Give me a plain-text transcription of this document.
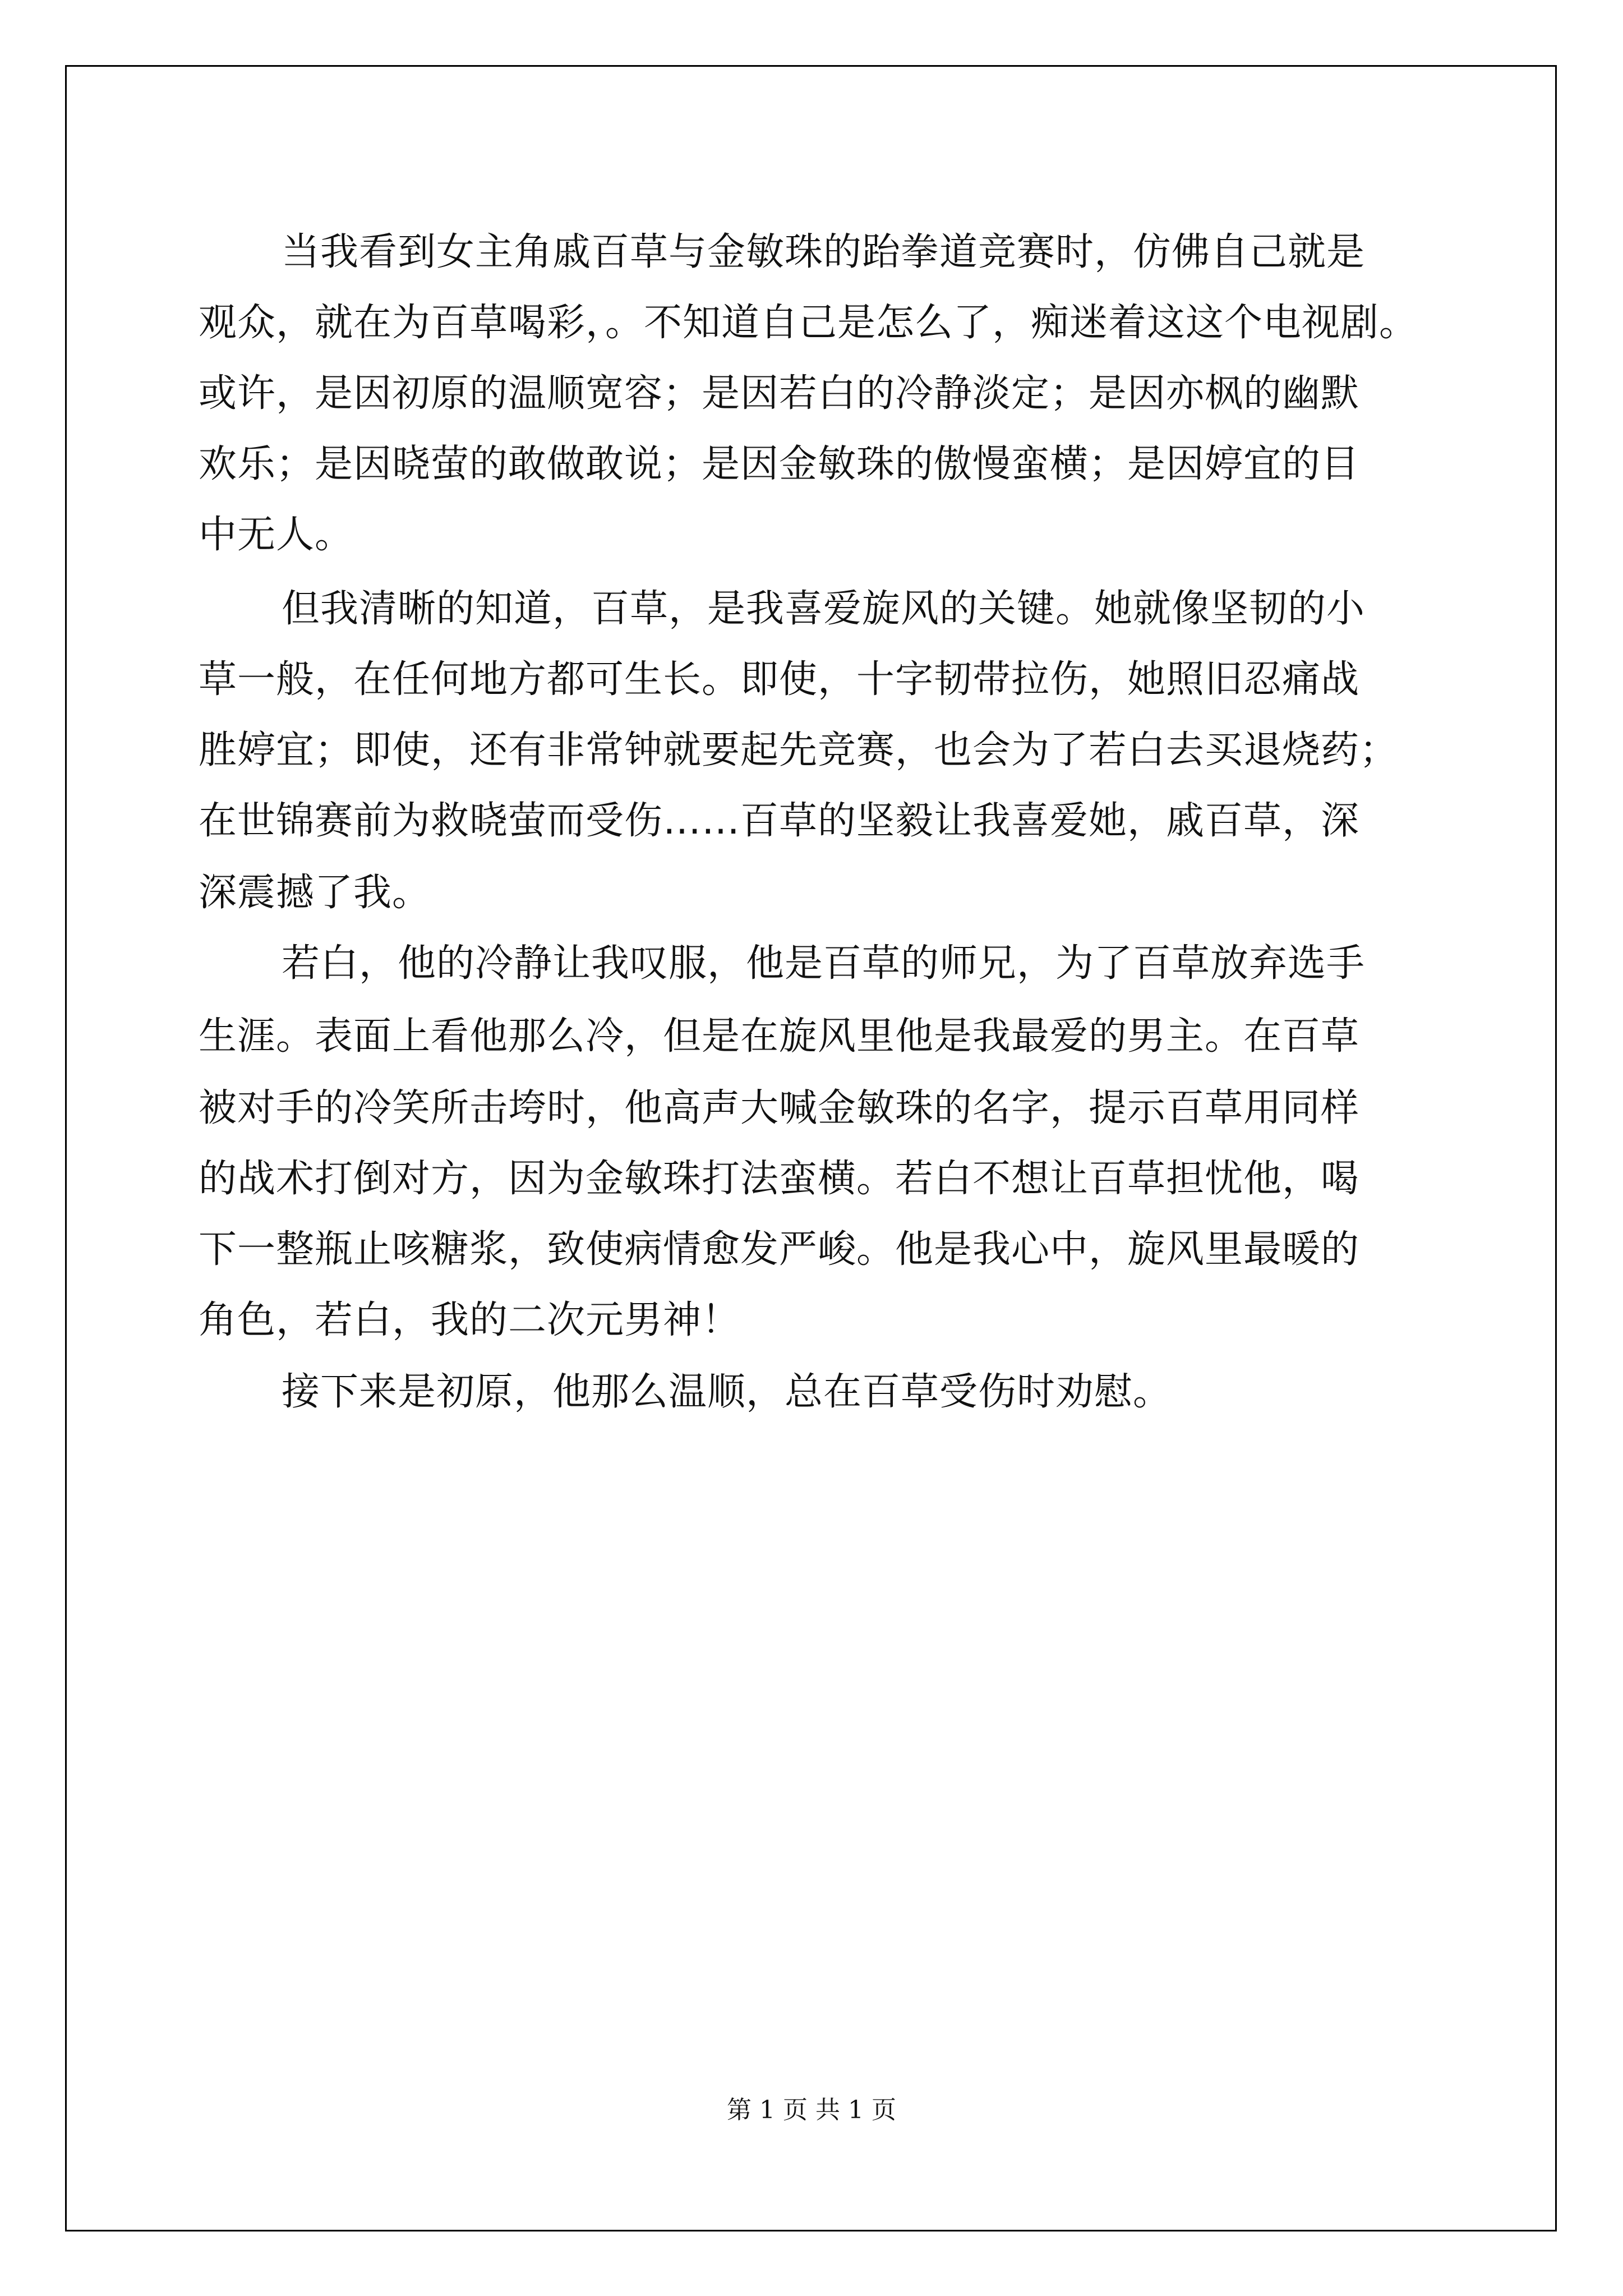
当我看到女主角戚百草与金敏珠的跆拳道竞赛时，仿佛自己就是
观众，就在为百草喝彩，。不知道自己是怎么了，痴迷着这这个电视剧。
或许，是因初原的温顺宽容；是因若白的冷静淡定；是因亦枫的幽默
欢乐；是因晓萤的敢做敢说；是因金敏珠的傲慢蛮横；是因婷宜的目
中无人。
但我清晰的知道，百草，是我喜爱旋风的关键。她就像坚韧的小
草一般，在任何地方都可生长。即使，十字韧带拉伤，她照旧忍痛战
胜婷宜；即使，还有非常钟就要起先竞赛，也会为了若白去买退烧药；
在世锦赛前为救晓萤而受伤……百草的坚毅让我喜爱她，戚百草，深
深震撼了我。
若白，他的冷静让我叹服，他是百草的师兄，为了百草放弃选手
生涯。表面上看他那么冷，但是在旋风里他是我最爱的男主。在百草
被对手的冷笑所击垮时，他高声大喊金敏珠的名字，提示百草用同样
的战术打倒对方，因为金敏珠打法蛮横。若白不想让百草担忧他，喝
下一整瓶止咳糖浆，致使病情愈发严峻。他是我心中，旋风里最暖的
角色，若白，我的二次元男神！
接下来是初原，他那么温顺，总在百草受伤时劝慰。
第 1 页 共 1 页
